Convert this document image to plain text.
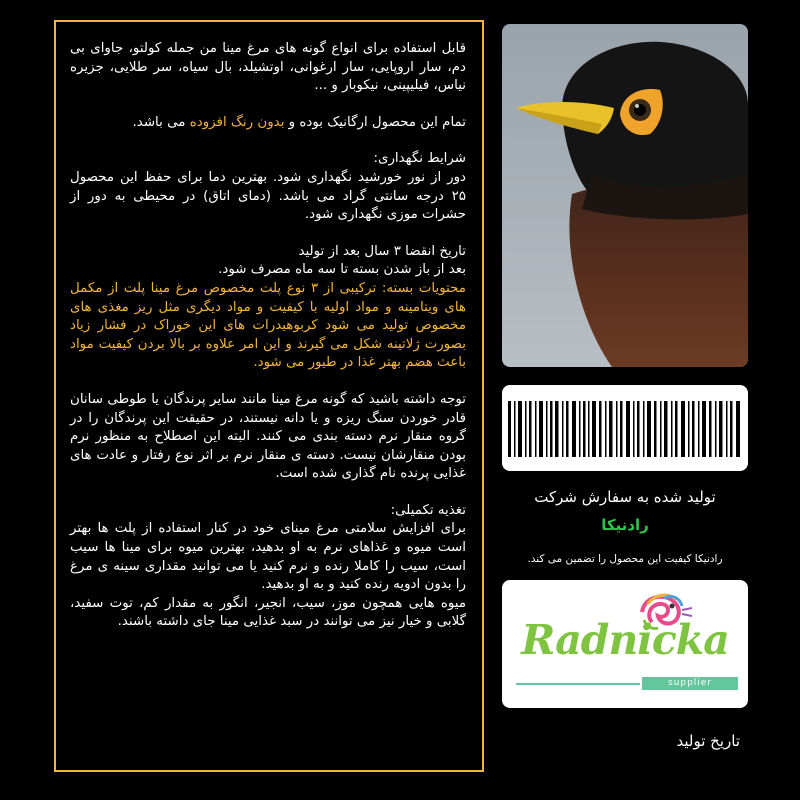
قابل استفاده برای انواع گونه های مرغ مینا من جمله کولتو، جاوای بی دم، سار اروپایی، سار ارغوانی، اوتشیلد، بال سیاه، سر طلایی، جزیره نیاس، فیلیپینی، نیکوبار و ...

تمام این محصول ارگانیک بوده و بدون رنگ افزوده می باشد.

شرایط نگهداری:

دور از نور خورشید نگهداری شود. بهترین دما برای حفظ این محصول ۲۵ درجه سانتی گراد می باشد. (دمای اتاق) در محیطی به دور از حشرات موزی نگهداری شود.

تاریخ انقضا ۳ سال بعد از تولید

بعد از باز شدن بسته تا سه ماه مصرف شود.

محتویات بسته: ترکیبی از ۳ نوع پلت مخصوص مرغ مینا پلت از مکمل های ویتامینه و مواد اولیه با کیفیت و مواد دیگری مثل ریز مغذی های مخصوص تولید می شود کربوهیدرات های این خوراک در فشار زیاد بصورت ژلاتینه شکل می گیرند و این امر علاوه بر بالا بردن کیفیت مواد باعث هضم بهتر غذا در طیور می شود.

توجه داشته باشید که گونه مرغ مینا مانند سایر پرندگان یا طوطی سانان قادر خوردن سنگ ریزه و یا دانه نیستند، در حقیقت این پرندگان را در گروه منقار نرم دسته بندی می کنند. البته این اصطلاح به منظور نرم بودن منقارشان نیست. دسته ی منقار نرم بر اثر نوع رفتار و عادت های غذایی پرنده نام گذاری شده است.

تغذیه تکمیلی:

برای افزایش سلامتی مرغ مینای خود در کنار استفاده از پلت ها بهتر است میوه و غذاهای نرم به او بدهید، بهترین میوه برای مینا ها سیب است، سیب را کاملا رنده و نرم کنید یا می توانید مقداری سینه ی مرغ را بدون ادویه رنده کنید و به او بدهید.

میوه هایی همچون موز، سیب، انجیر، انگور به مقدار کم، توت سفید، گلابی و خیار نیز می توانند در سبد غذایی مینا جای داشته باشند.

تولید شده به سفارش شرکت
رادنیکا
رادنیکا کیفیت این محصول را تضمین می کند.
Radnicka
supplier
تاریخ تولید
